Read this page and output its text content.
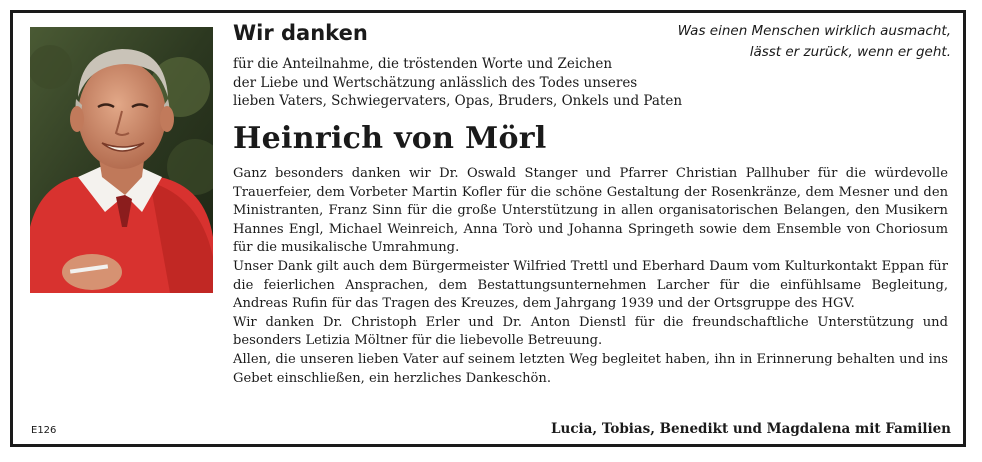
Wir danken	Was einen Menschen wirklich ausmacht,
lässt er zurück, wenn er geht.
für die Anteilnahme, die tröstenden Worte und Zeichen
der Liebe und Wertschätzung anlässlich des Todes unseres
lieben Vaters, Schwiegervaters, Opas, Bruders, Onkels und Paten
Heinrich von Mörl

Ganz besonders danken wir Dr. Oswald Stanger und Pfarrer Christian Pallhuber für die würdevolle Trauerfeier, dem Vorbeter Martin Kofler für die schöne Gestaltung der Rosenkränze, dem Mesner und den Ministranten, Franz Sinn für die große Unterstützung in allen organisatorischen Belangen, den Musikern Hannes Engl, Michael Weinreich, Anna Torò und Johanna Springeth sowie dem Ensemble von Choriosum für die musikalische Umrahmung.

Unser Dank gilt auch dem Bürgermeister Wilfried Trettl und Eberhard Daum vom Kulturkontakt Eppan für die feierlichen Ansprachen, dem Bestattungsunternehmen Larcher für die einfühlsame Begleitung, Andreas Rufin für das Tragen des Kreuzes, dem Jahrgang 1939 und der Ortsgruppe des HGV.

Wir danken Dr. Christoph Erler und Dr. Anton Dienstl für die freundschaftliche Unterstützung und besonders Letizia Möltner für die liebevolle Betreuung.

Allen, die unseren lieben Vater auf seinem letzten Weg begleitet haben, ihn in Erinnerung behalten und ins Gebet einschließen, ein herzliches Dankeschön.

E126	Lucia, Tobias, Benedikt und Magdalena mit Familien
